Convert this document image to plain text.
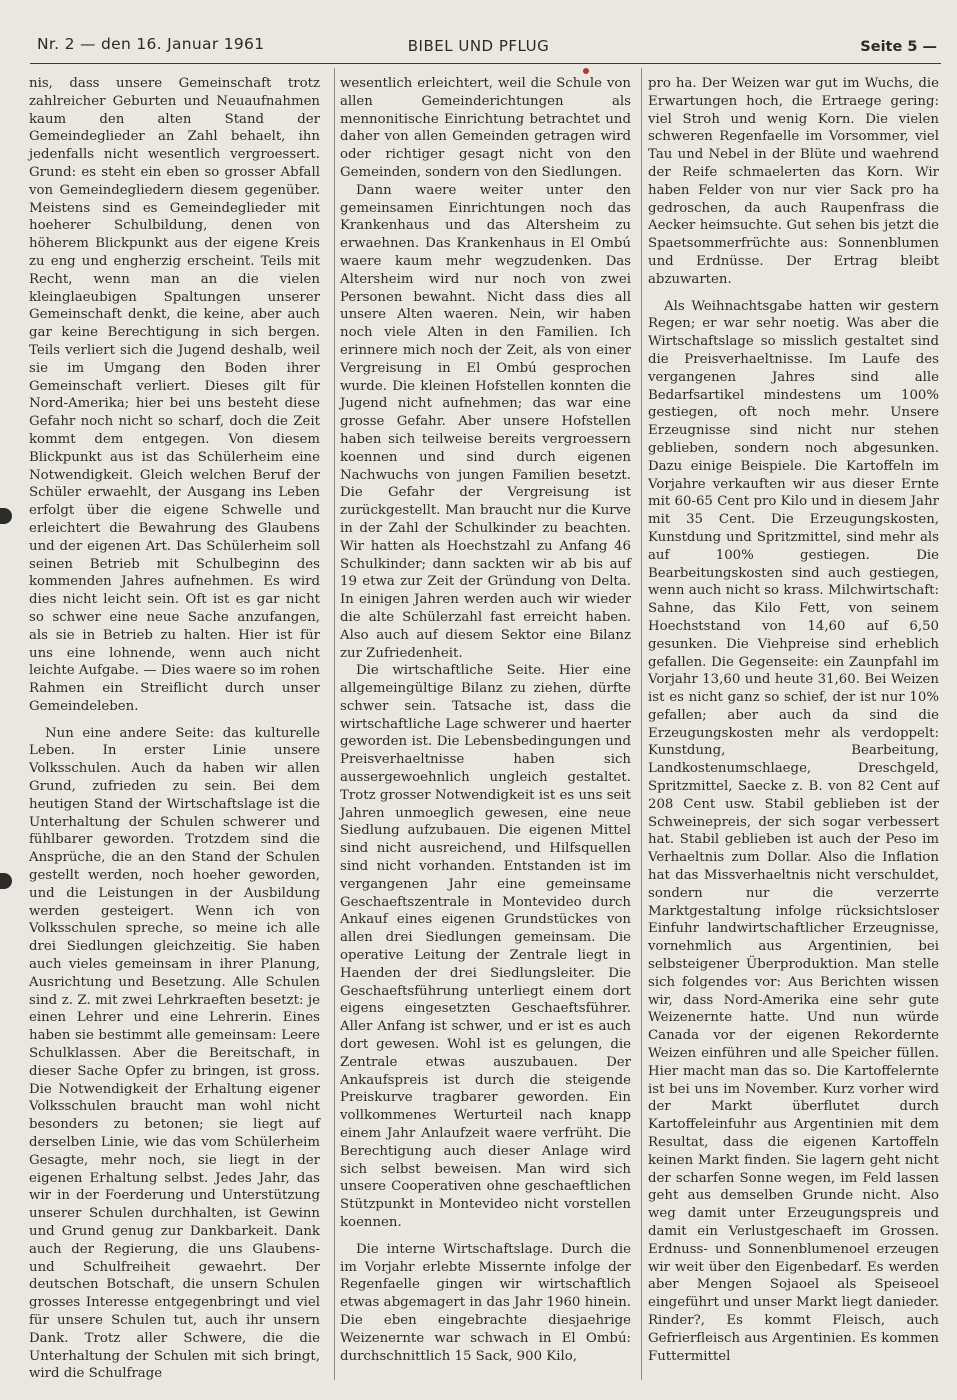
Nr. 2 — den 16. Januar 1961	BIBEL UND PFLUG	Seite 5 —

nis, dass unsere Gemeinschaft trotz zahlreicher Geburten und Neuaufnahmen kaum den alten Stand der Gemeindeglieder an Zahl behaelt, ihn jedenfalls nicht wesentlich vergroessert. Grund: es steht ein eben so grosser Abfall von Gemeindegliedern diesem gegenüber. Meistens sind es Gemeindeglieder mit hoeherer Schulbildung, denen von höherem Blickpunkt aus der eigene Kreis zu eng und engherzig erscheint. Teils mit Recht, wenn man an die vielen kleinglaeubigen Spaltungen unserer Gemeinschaft denkt, die keine, aber auch gar keine Berechtigung in sich bergen. Teils verliert sich die Jugend deshalb, weil sie im Umgang den Boden ihrer Gemeinschaft verliert. Dieses gilt für Nord-Amerika; hier bei uns besteht diese Gefahr noch nicht so scharf, doch die Zeit kommt dem entgegen. Von diesem Blickpunkt aus ist das Schülerheim eine Notwendigkeit. Gleich welchen Beruf der Schüler erwaehlt, der Ausgang ins Leben erfolgt über die eigene Schwelle und erleichtert die Bewahrung des Glaubens und der eigenen Art. Das Schülerheim soll seinen Betrieb mit Schulbeginn des kommenden Jahres aufnehmen. Es wird dies nicht leicht sein. Oft ist es gar nicht so schwer eine neue Sache anzufangen, als sie in Betrieb zu halten. Hier ist für uns eine lohnende, wenn auch nicht leichte Aufgabe. — Dies waere so im rohen Rahmen ein Streiflicht durch unser Gemeindeleben.

Nun eine andere Seite: das kulturelle Leben. In erster Linie unsere Volksschulen. Auch da haben wir allen Grund, zufrieden zu sein. Bei dem heutigen Stand der Wirtschaftslage ist die Unterhaltung der Schulen schwerer und fühlbarer geworden. Trotzdem sind die Ansprüche, die an den Stand der Schulen gestellt werden, noch hoeher geworden, und die Leistungen in der Ausbildung werden gesteigert. Wenn ich von Volksschulen spreche, so meine ich alle drei Siedlungen gleichzeitig. Sie haben auch vieles gemeinsam in ihrer Planung, Ausrichtung und Besetzung. Alle Schulen sind z. Z. mit zwei Lehrkraeften besetzt: je einen Lehrer und eine Lehrerin. Eines haben sie bestimmt alle gemeinsam: Leere Schulklassen. Aber die Bereitschaft, in dieser Sache Opfer zu bringen, ist gross. Die Notwendigkeit der Erhaltung eigener Volksschulen braucht man wohl nicht besonders zu betonen; sie liegt auf derselben Linie, wie das vom Schülerheim Gesagte, mehr noch, sie liegt in der eigenen Erhaltung selbst. Jedes Jahr, das wir in der Foerderung und Unterstützung unserer Schulen durchhalten, ist Gewinn und Grund genug zur Dankbarkeit. Dank auch der Regierung, die uns Glaubens- und Schulfreiheit gewaehrt. Der deutschen Botschaft, die unsern Schulen grosses Interesse entgegenbringt und viel für unsere Schulen tut, auch ihr unsern Dank. Trotz aller Schwere, die die Unterhaltung der Schulen mit sich bringt, wird die Schulfrage

wesentlich erleichtert, weil die Schule von allen Gemeinderichtungen als mennonitische Einrichtung betrachtet und daher von allen Gemeinden getragen wird oder richtiger gesagt nicht von den Gemeinden, sondern von den Siedlungen.

Dann waere weiter unter den gemeinsamen Einrichtungen noch das Krankenhaus und das Altersheim zu erwaehnen. Das Krankenhaus in El Ombú waere kaum mehr wegzudenken. Das Altersheim wird nur noch von zwei Personen bewahnt. Nicht dass dies all unsere Alten waeren. Nein, wir haben noch viele Alten in den Familien. Ich erinnere mich noch der Zeit, als von einer Vergreisung in El Ombú gesprochen wurde. Die kleinen Hofstellen konnten die Jugend nicht aufnehmen; das war eine grosse Gefahr. Aber unsere Hofstellen haben sich teilweise bereits vergroessern koennen und sind durch eigenen Nachwuchs von jungen Familien besetzt. Die Gefahr der Vergreisung ist zurückgestellt. Man braucht nur die Kurve in der Zahl der Schulkinder zu beachten. Wir hatten als Hoechstzahl zu Anfang 46 Schulkinder; dann sackten wir ab bis auf 19 etwa zur Zeit der Gründung von Delta. In einigen Jahren werden auch wir wieder die alte Schülerzahl fast erreicht haben. Also auch auf diesem Sektor eine Bilanz zur Zufriedenheit.

Die wirtschaftliche Seite. Hier eine allgemeingültige Bilanz zu ziehen, dürfte schwer sein. Tatsache ist, dass die wirtschaftliche Lage schwerer und haerter geworden ist. Die Lebensbedingungen und Preisverhaeltnisse haben sich aussergewoehnlich ungleich gestaltet. Trotz grosser Notwendigkeit ist es uns seit Jahren unmoeglich gewesen, eine neue Siedlung aufzubauen. Die eigenen Mittel sind nicht ausreichend, und Hilfsquellen sind nicht vorhanden. Entstanden ist im vergangenen Jahr eine gemeinsame Geschaeftszentrale in Montevideo durch Ankauf eines eigenen Grundstückes von allen drei Siedlungen gemeinsam. Die operative Leitung der Zentrale liegt in Haenden der drei Siedlungsleiter. Die Geschaeftsführung unterliegt einem dort eigens eingesetzten Geschaeftsführer. Aller Anfang ist schwer, und er ist es auch dort gewesen. Wohl ist es gelungen, die Zentrale etwas auszubauen. Der Ankaufspreis ist durch die steigende Preiskurve tragbarer geworden. Ein vollkommenes Werturteil nach knapp einem Jahr Anlaufzeit waere verfrüht. Die Berechtigung auch dieser Anlage wird sich selbst beweisen. Man wird sich unsere Cooperativen ohne geschaeftlichen Stützpunkt in Montevideo nicht vorstellen koennen.

Die interne Wirtschaftslage. Durch die im Vorjahr erlebte Missernte infolge der Regenfaelle gingen wir wirtschaftlich etwas abgemagert in das Jahr 1960 hinein. Die eben eingebrachte diesjaehrige Weizenernte war schwach in El Ombú: durchschnittlich 15 Sack, 900 Kilo,

pro ha. Der Weizen war gut im Wuchs, die Erwartungen hoch, die Ertraege gering: viel Stroh und wenig Korn. Die vielen schweren Regenfaelle im Vorsommer, viel Tau und Nebel in der Blüte und waehrend der Reife schmaelerten das Korn. Wir haben Felder von nur vier Sack pro ha gedroschen, da auch Raupenfrass die Aecker heimsuchte. Gut sehen bis jetzt die Spaetsommerfrüchte aus: Sonnenblumen und Erdnüsse. Der Ertrag bleibt abzuwarten.

Als Weihnachtsgabe hatten wir gestern Regen; er war sehr noetig. Was aber die Wirtschaftslage so misslich gestaltet sind die Preisverhaeltnisse. Im Laufe des vergangenen Jahres sind alle Bedarfsartikel mindestens um 100% gestiegen, oft noch mehr. Unsere Erzeugnisse sind nicht nur stehen geblieben, sondern noch abgesunken. Dazu einige Beispiele. Die Kartoffeln im Vorjahre verkauften wir aus dieser Ernte mit 60-65 Cent pro Kilo und in diesem Jahr mit 35 Cent. Die Erzeugungskosten, Kunstdung und Spritzmittel, sind mehr als auf 100% gestiegen. Die Bearbeitungskosten sind auch gestiegen, wenn auch nicht so krass. Milchwirtschaft: Sahne, das Kilo Fett, von seinem Hoechststand von 14,60 auf 6,50 gesunken. Die Viehpreise sind erheblich gefallen. Die Gegenseite: ein Zaunpfahl im Vorjahr 13,60 und heute 31,60. Bei Weizen ist es nicht ganz so schief, der ist nur 10% gefallen; aber auch da sind die Erzeugungskosten mehr als verdoppelt: Kunstdung, Bearbeitung, Landkostenumschlaege, Dreschgeld, Spritzmittel, Saecke z. B. von 82 Cent auf 208 Cent usw. Stabil geblieben ist der Schweinepreis, der sich sogar verbessert hat. Stabil geblieben ist auch der Peso im Verhaeltnis zum Dollar. Also die Inflation hat das Missverhaeltnis nicht verschuldet, sondern nur die verzerrte Marktgestaltung infolge rücksichtsloser Einfuhr landwirtschaftlicher Erzeugnisse, vornehmlich aus Argentinien, bei selbsteigener Überproduktion. Man stelle sich folgendes vor: Aus Berichten wissen wir, dass Nord-Amerika eine sehr gute Weizenernte hatte. Und nun würde Canada vor der eigenen Rekordernte Weizen einführen und alle Speicher füllen. Hier macht man das so. Die Kartoffelernte ist bei uns im November. Kurz vorher wird der Markt überflutet durch Kartoffeleinfuhr aus Argentinien mit dem Resultat, dass die eigenen Kartoffeln keinen Markt finden. Sie lagern geht nicht der scharfen Sonne wegen, im Feld lassen geht aus demselben Grunde nicht. Also weg damit unter Erzeugungspreis und damit ein Verlustgeschaeft im Grossen. Erdnuss- und Sonnenblumenoel erzeugen wir weit über den Eigenbedarf. Es werden aber Mengen Sojaoel als Speiseoel eingeführt und unser Markt liegt danieder. Rinder?, Es kommt Fleisch, auch Gefrierfleisch aus Argentinien. Es kommen Futtermittel
